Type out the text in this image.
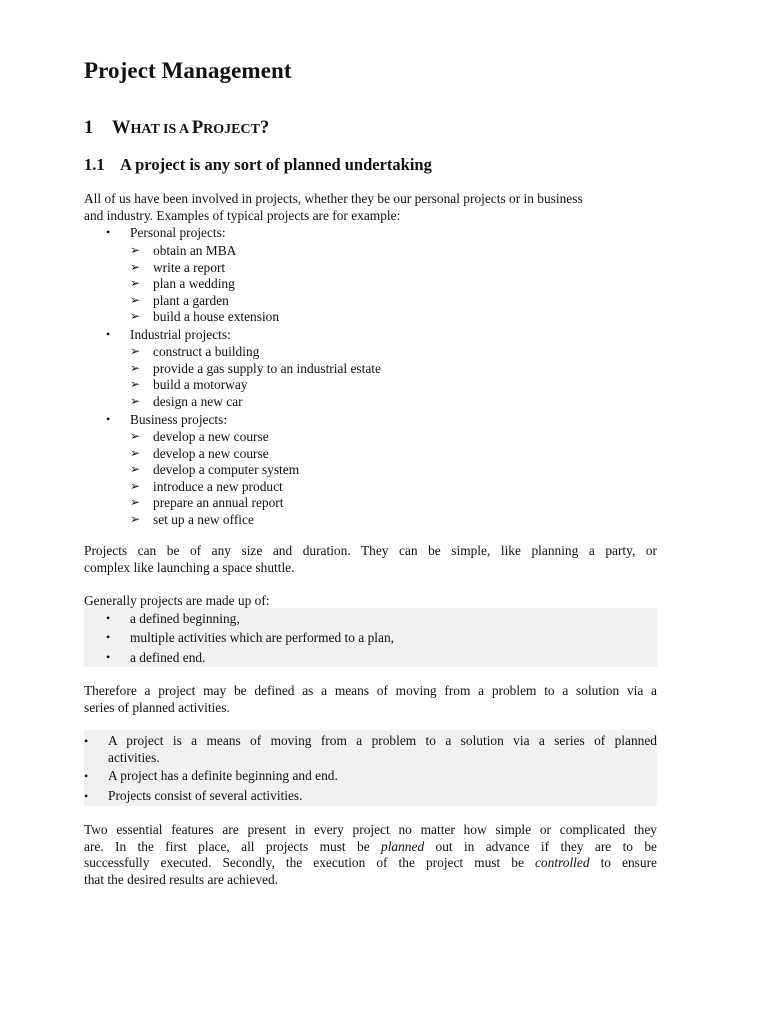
Project Management
1 WHAT IS A PROJECT?
1.1 A project is any sort of planned undertaking
All of us have been involved in projects, whether they be our personal projects or in business
and industry. Examples of typical projects are for example:
• Personal projects:
➢ obtain an MBA
➢ write a report
➢ plan a wedding
➢ plant a garden
➢ build a house extension
• Industrial projects:
➢ construct a building
➢ provide a gas supply to an industrial estate
➢ build a motorway
➢ design a new car
• Business projects:
➢ develop a new course
➢ develop a new course
➢ develop a computer system
➢ introduce a new product
➢ prepare an annual report
➢ set up a new office
Projects can be of any size and duration. They can be simple, like planning a party, or
complex like launching a space shuttle.
Generally projects are made up of:
• a defined beginning,
• multiple activities which are performed to a plan,
• a defined end.
Therefore a project may be defined as a means of moving from a problem to a solution via a
series of planned activities.
• A project is a means of moving from a problem to a solution via a series of planned
activities.
• A project has a definite beginning and end.
• Projects consist of several activities.
Two essential features are present in every project no matter how simple or complicated they
are. In the first place, all projects must be planned out in advance if they are to be
successfully executed. Secondly, the execution of the project must be controlled to ensure
that the desired results are achieved.
